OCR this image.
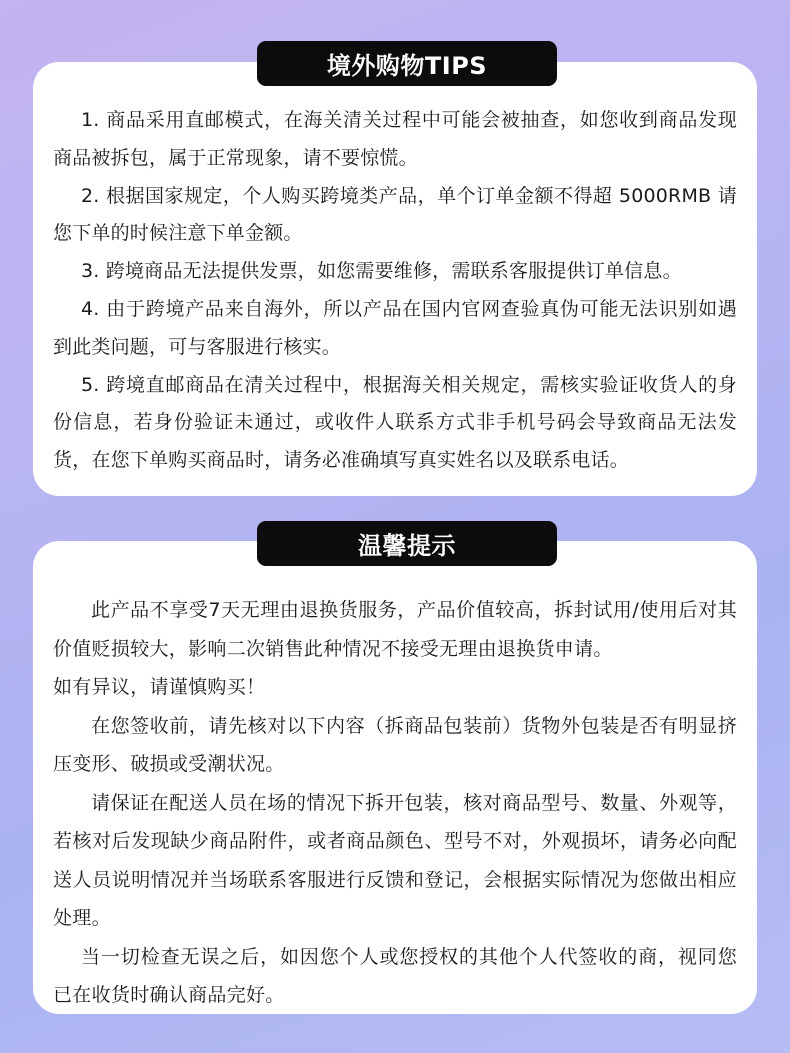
1. 商品采用直邮模式，在海关清关过程中可能会被抽查，如您收到商品发现商品被拆包，属于正常现象，请不要惊慌。

2. 根据国家规定，个人购买跨境类产品，单个订单金额不得超 5000RMB 请您下单的时候注意下单金额。

3. 跨境商品无法提供发票，如您需要维修，需联系客服提供订单信息。

4. 由于跨境产品来自海外，所以产品在国内官网查验真伪可能无法识别如遇到此类问题，可与客服进行核实。

5. 跨境直邮商品在清关过程中，根据海关相关规定，需核实验证收货人的身份信息，若身份验证未通过，或收件人联系方式非手机号码会导致商品无法发货，在您下单购买商品时，请务必准确填写真实姓名以及联系电话。

境外购物TIPS

此产品不享受7天无理由退换货服务，产品价值较高，拆封试用/使用后对其价值贬损较大，影响二次销售此种情况不接受无理由退换货申请。

如有异议，请谨慎购买！

在您签收前，请先核对以下内容（拆商品包装前）货物外包装是否有明显挤压变形、破损或受潮状况。

请保证在配送人员在场的情况下拆开包装，核对商品型号、数量、外观等，若核对后发现缺少商品附件，或者商品颜色、型号不对，外观损坏，请务必向配送人员说明情况并当场联系客服进行反馈和登记，会根据实际情况为您做出相应处理。

当一切检查无误之后，如因您个人或您授权的其他个人代签收的商，视同您已在收货时确认商品完好。

温馨提示
